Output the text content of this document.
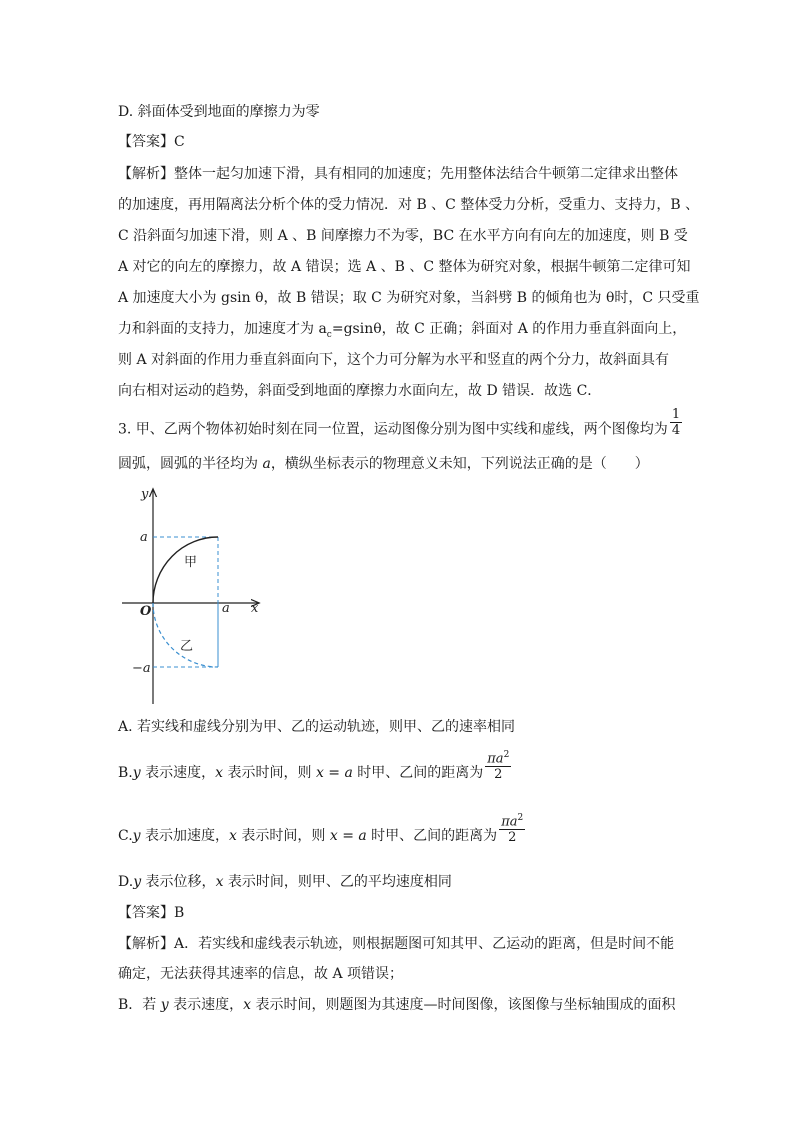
D. 斜面体受到地面的摩擦力为零
【答案】C
【解析】整体一起匀加速下滑，具有相同的加速度；先用整体法结合牛顿第二定律求出整体
的加速度，再用隔离法分析个体的受力情况．对 B 、C 整体受力分析，受重力、支持力，B 、
C 沿斜面匀加速下滑，则 A 、B 间摩擦力不为零，BC 在水平方向有向左的加速度，则 B 受
A 对它的向左的摩擦力，故 A 错误；选 A 、B 、C 整体为研究对象，根据牛顿第二定律可知
A 加速度大小为 gsin θ，故 B 错误；取 C 为研究对象，当斜劈 B 的倾角也为 θ时，C 只受重
力和斜面的支持力，加速度才为 $a_c=gsin\theta$，故 C 正确；斜面对 A 的作用力垂直斜面向上，
则 A 对斜面的作用力垂直斜面向下，这个力可分解为水平和竖直的两个分力，故斜面具有
向右相对运动的趋势，斜面受到地面的摩擦力水面向左，故 D 错误．故选 C．
3. 甲、乙两个物体初始时刻在同一位置，运动图像分别为图中实线和虚线，两个图像均为 $\frac{1}{4}$
圆弧，圆弧的半径均为 a，横纵坐标表示的物理意义未知，下列说法正确的是（　　）
y
x
O
a
a
−a
甲
乙
A. 若实线和虚线分别为甲、乙的运动轨迹，则甲、乙的速率相同
B.y 表示速度，x 表示时间，则 x = a 时甲、乙间的距离为 $\frac{\pi a^2}{2}$
C.y 表示加速度，x 表示时间，则 x = a 时甲、乙间的距离为 $\frac{\pi a^2}{2}$
D.y 表示位移，x 表示时间，则甲、乙的平均速度相同
【答案】B
【解析】A．若实线和虚线表示轨迹，则根据题图可知其甲、乙运动的距离，但是时间不能
确定，无法获得其速率的信息，故 A 项错误；
B．若 y 表示速度，x 表示时间，则题图为其速度—时间图像，该图像与坐标轴围成的面积
